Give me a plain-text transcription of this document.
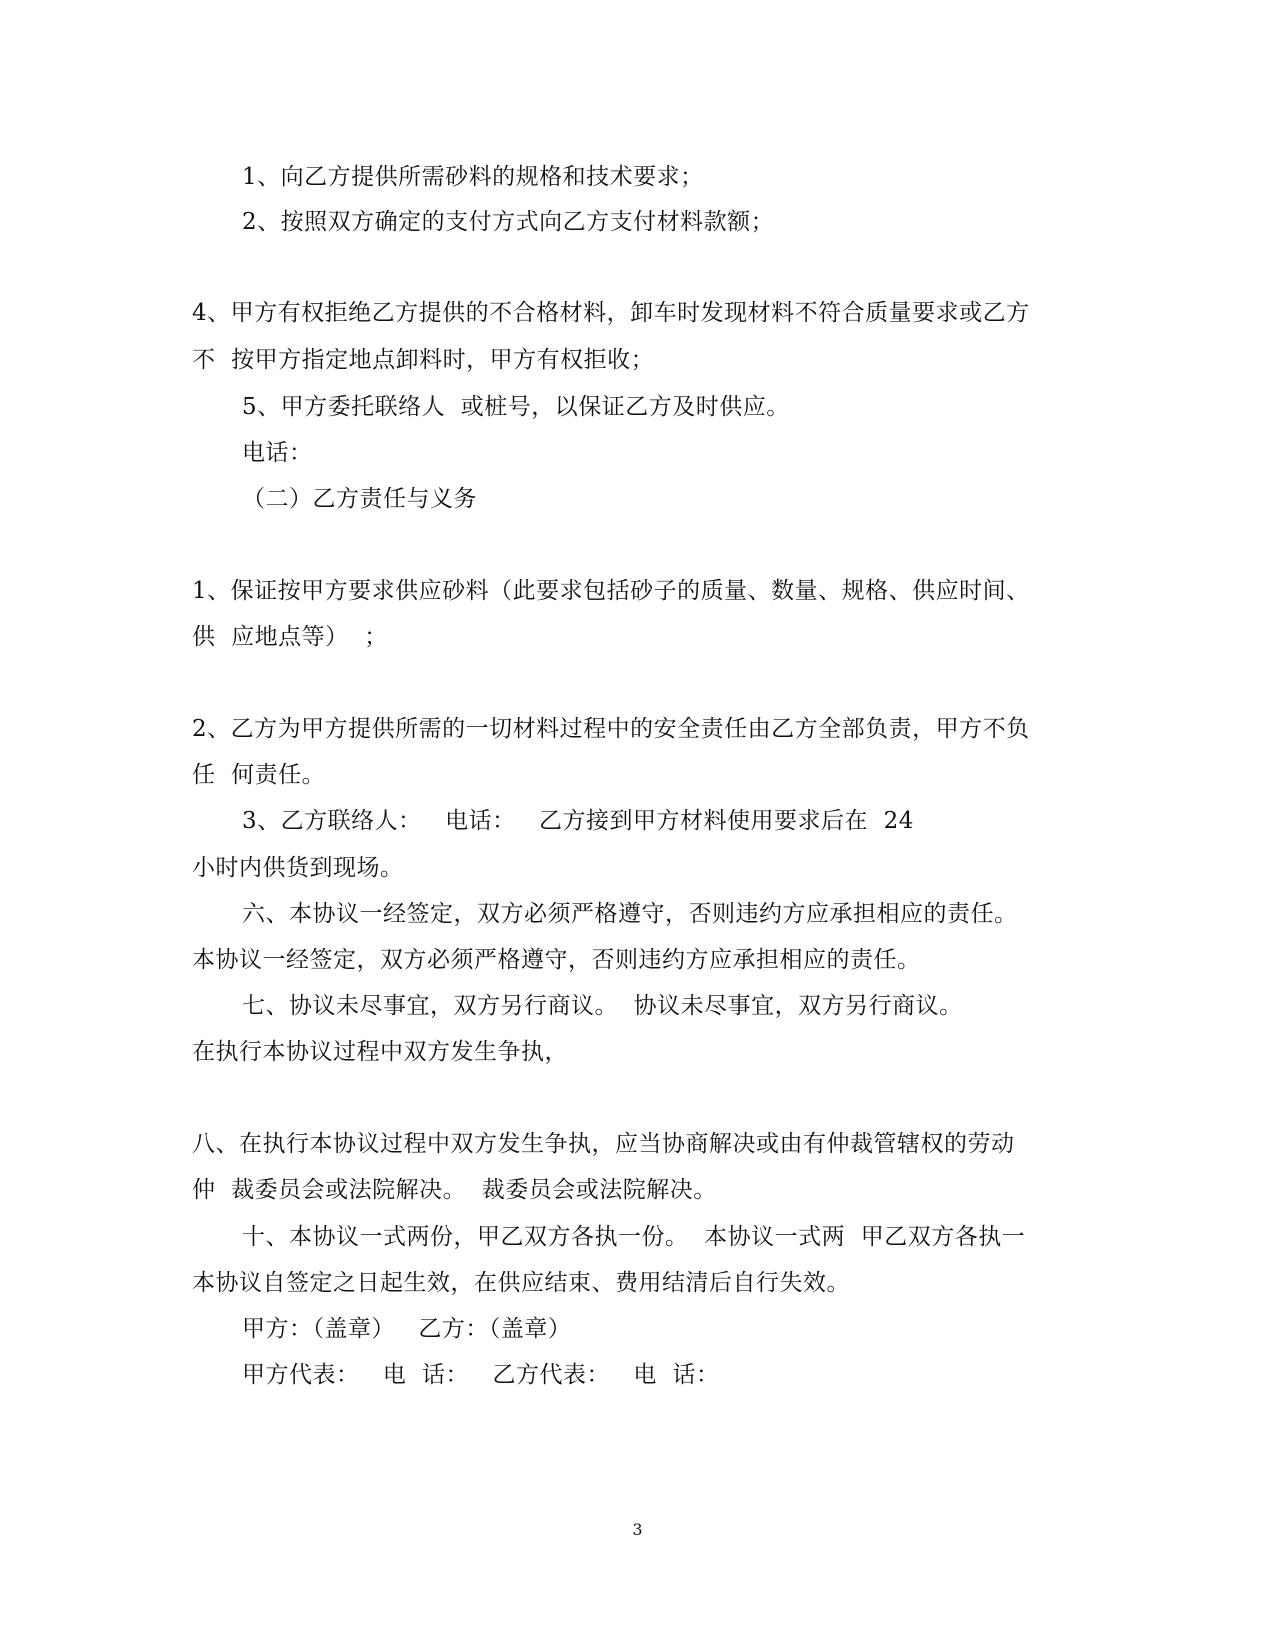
1、向乙方提供所需砂料的规格和技术要求；

2、按照双方确定的支付方式向乙方支付材料款额；

4、甲方有权拒绝乙方提供的不合格材料，卸车时发现材料不符合质量要求或乙方

不  按甲方指定地点卸料时，甲方有权拒收；

5、甲方委托联络人  或桩号，以保证乙方及时供应。

电话：

（二）乙方责任与义务

1、保证按甲方要求供应砂料（此要求包括砂子的质量、数量、规格、供应时间、

供  应地点等）  ；

2、乙方为甲方提供所需的一切材料过程中的安全责任由乙方全部负责，甲方不负

任  何责任。

3、乙方联络人：   电话：   乙方接到甲方材料使用要求后在  24

小时内供货到现场。

六、本协议一经签定，双方必须严格遵守，否则违约方应承担相应的责任。

本协议一经签定，双方必须严格遵守，否则违约方应承担相应的责任。

七、协议未尽事宜，双方另行商议。  协议未尽事宜，双方另行商议。

在执行本协议过程中双方发生争执，

八、在执行本协议过程中双方发生争执，应当协商解决或由有仲裁管辖权的劳动

仲  裁委员会或法院解决。  裁委员会或法院解决。

十、本协议一式两份，甲乙双方各执一份。  本协议一式两  甲乙双方各执一

本协议自签定之日起生效，在供应结束、费用结清后自行失效。

甲方：（盖章）   乙方：（盖章）

甲方代表：   电  话：   乙方代表：   电  话：

3
